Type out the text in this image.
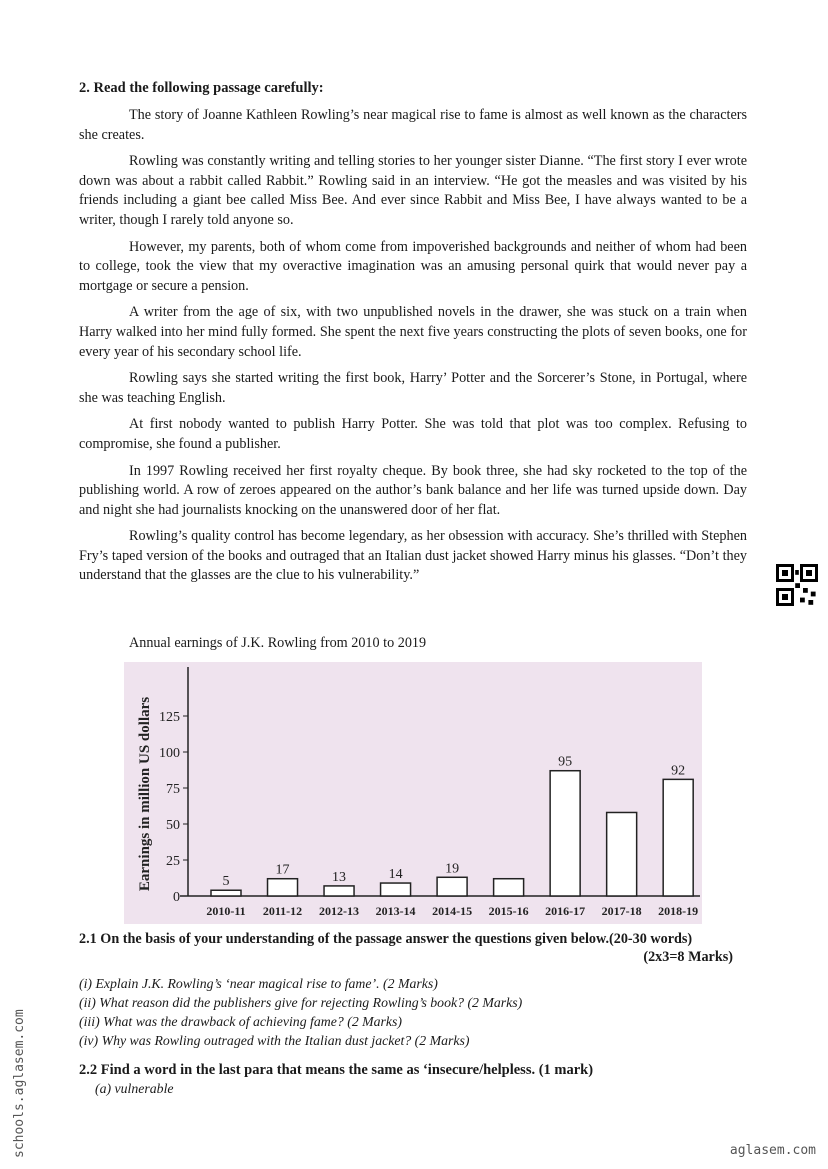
2. Read the following passage carefully:

The story of Joanne Kathleen Rowling’s near magical rise to fame is almost as well known as the characters she creates.

Rowling was constantly writing and telling stories to her younger sister Dianne. “The first story I ever wrote down was about a rabbit called Rabbit.” Rowling said in an interview. “He got the measles and was visited by his friends including a giant bee called Miss Bee. And ever since Rabbit and Miss Bee, I have always wanted to be a writer, though I rarely told anyone so.

However, my parents, both of whom come from impoverished backgrounds and neither of whom had been to college, took the view that my overactive imagination was an amusing personal quirk that would never pay a mortgage or secure a pension.

A writer from the age of six, with two unpublished novels in the drawer, she was stuck on a train when Harry walked into her mind fully formed. She spent the next five years constructing the plots of seven books, one for every year of his secondary school life.

Rowling says she started writing the first book, Harry’ Potter and the Sorcerer’s Stone, in Portugal, where she was teaching English.

At first nobody wanted to publish Harry Potter. She was told that plot was too complex. Refusing to compromise, she found a publisher.

In 1997 Rowling received her first royalty cheque. By book three, she had sky rocketed to the top of the publishing world. A row of zeroes appeared on the author’s bank balance and her life was turned upside down. Day and night she had journalists knocking on the unanswered door of her flat.

Rowling’s quality control has become legendary, as her obsession with accuracy. She’s thrilled with Stephen Fry’s taped version of the books and outraged that an Italian dust jacket showed Harry minus his glasses. “Don’t they understand that the glasses are the clue to his vulnerability.”

Annual earnings of J.K. Rowling from 2010 to 2019
Earnings in million US dollars
0
25
50
75
100
125
2010-11
5
2011-12
17
2012-13
13
2013-14
14
2014-15
19
2015-16 2016-17
95
2017-18 2018-19
92
2.1 On the basis of your understanding of the passage answer the questions given below.(20-30 words)
(2x3=8 Marks)
(i) Explain J.K. Rowling’s ‘near magical rise to fame’. (2 Marks)
(ii) What reason did the publishers give for rejecting Rowling’s book? (2 Marks)
(iii) What was the drawback of achieving fame? (2 Marks)
(iv) Why was Rowling outraged with the Italian dust jacket? (2 Marks)
2.2 Find a word in the last para that means the same as ‘insecure/helpless. (1 mark)
(a) vulnerable
schools.aglasem.com	aglasem.com
